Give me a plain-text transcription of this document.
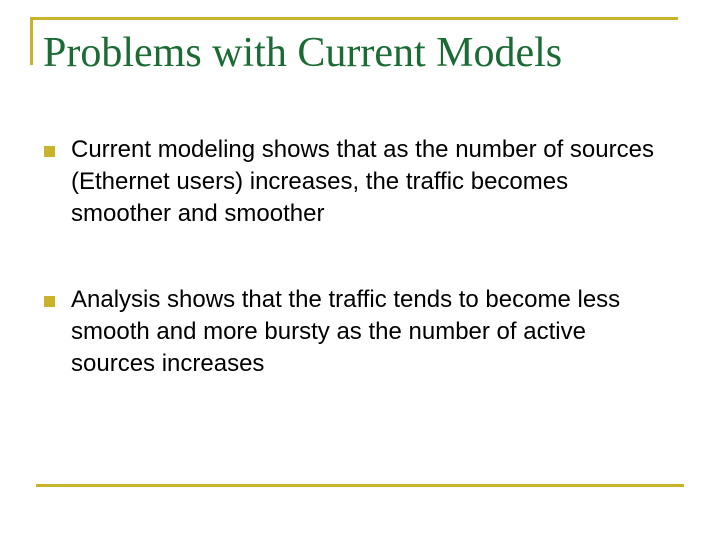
Problems with Current Models
Current modeling shows that as the number of sources (Ethernet users) increases, the traffic becomes smoother and smoother
Analysis shows that the traffic tends to become less smooth and more bursty as the number of active sources increases
